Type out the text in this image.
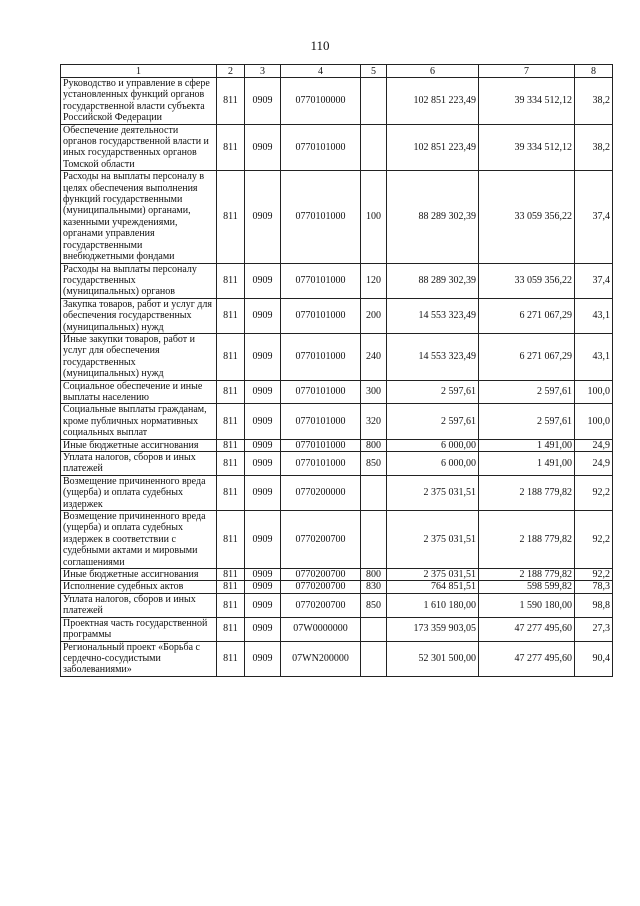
110
1	2	3	4	5	6	7	8
Руководство и управление в сфере установленных функций органов государственной власти субъекта Российской Федерации	811	0909	0770100000		102 851 223,49	39 334 512,12	38,2
Обеспечение деятельности органов государственной власти и иных государственных органов Томской области	811	0909	0770101000		102 851 223,49	39 334 512,12	38,2
Расходы на выплаты персоналу в целях обеспечения выполнения функций государственными (муниципальными) органами, казенными учреждениями, органами управления государственными внебюджетными фондами	811	0909	0770101000	100	88 289 302,39	33 059 356,22	37,4
Расходы на выплаты персоналу государственных (муниципальных) органов	811	0909	0770101000	120	88 289 302,39	33 059 356,22	37,4
Закупка товаров, работ и услуг для обеспечения государственных (муниципальных) нужд	811	0909	0770101000	200	14 553 323,49	6 271 067,29	43,1
Иные закупки товаров, работ и услуг для обеспечения государственных (муниципальных) нужд	811	0909	0770101000	240	14 553 323,49	6 271 067,29	43,1
Социальное обеспечение и иные выплаты населению	811	0909	0770101000	300	2 597,61	2 597,61	100,0
Социальные выплаты гражданам, кроме публичных нормативных социальных выплат	811	0909	0770101000	320	2 597,61	2 597,61	100,0
Иные бюджетные ассигнования	811	0909	0770101000	800	6 000,00	1 491,00	24,9
Уплата налогов, сборов и иных платежей	811	0909	0770101000	850	6 000,00	1 491,00	24,9
Возмещение причиненного вреда (ущерба) и оплата судебных издержек	811	0909	0770200000		2 375 031,51	2 188 779,82	92,2
Возмещение причиненного вреда (ущерба) и оплата судебных издержек в соответствии с судебными актами и мировыми соглашениями	811	0909	0770200700		2 375 031,51	2 188 779,82	92,2
Иные бюджетные ассигнования	811	0909	0770200700	800	2 375 031,51	2 188 779,82	92,2
Исполнение судебных актов	811	0909	0770200700	830	764 851,51	598 599,82	78,3
Уплата налогов, сборов и иных платежей	811	0909	0770200700	850	1 610 180,00	1 590 180,00	98,8
Проектная часть государственной программы	811	0909	07W0000000		173 359 903,05	47 277 495,60	27,3
Региональный проект «Борьба с сердечно-сосудистыми заболеваниями»	811	0909	07WN200000		52 301 500,00	47 277 495,60	90,4
